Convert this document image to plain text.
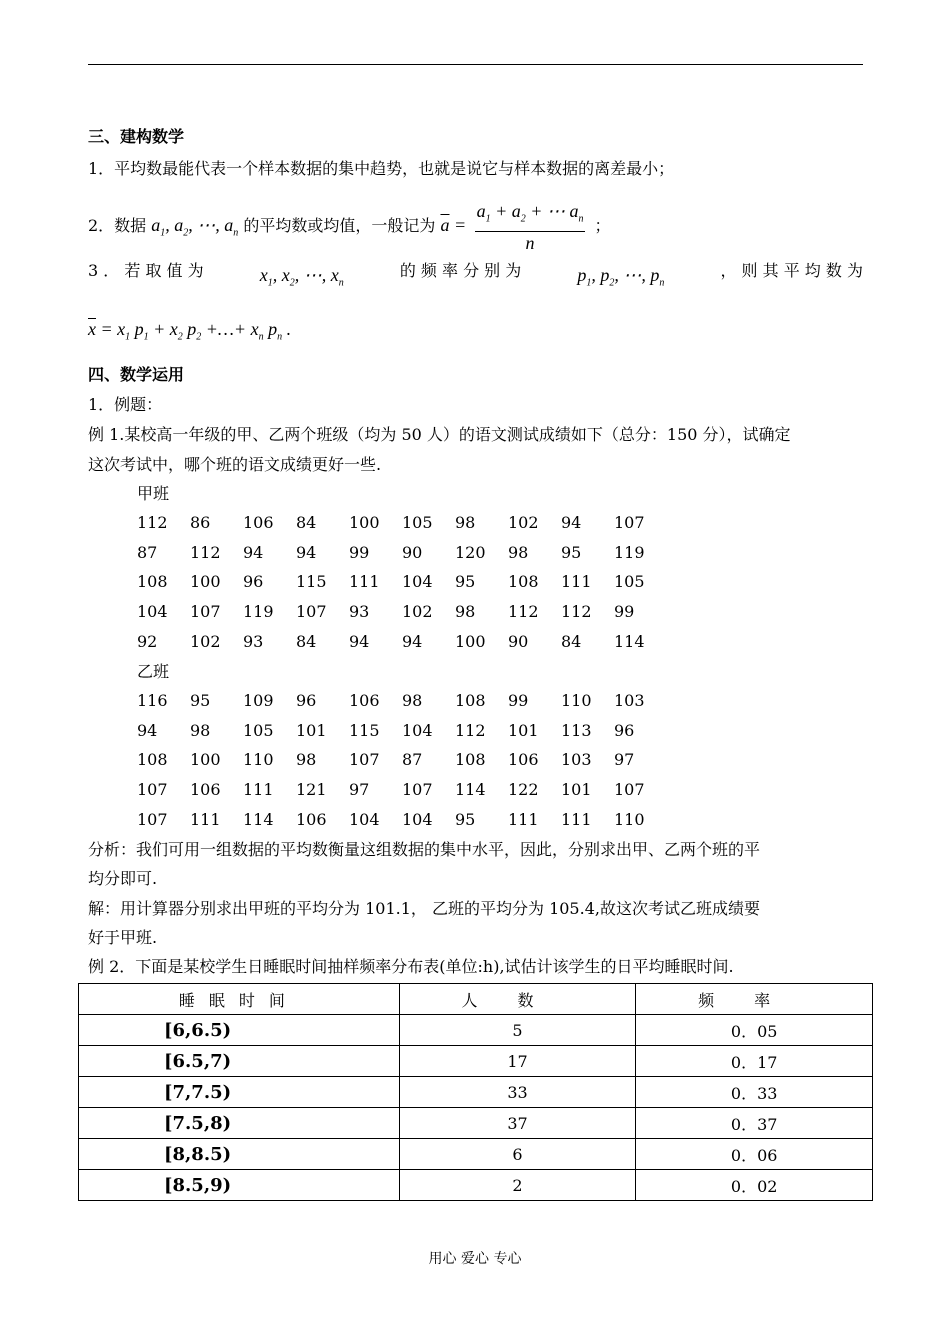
三、建构数学
1．平均数最能代表一个样本数据的集中趋势，也就是说它与样本数据的离差最小；
2．数据 $a_1$, $a_2$, ⋯, $a_n$ 的平均数或均值，一般记为 $\overline{a} = \frac{a_1 + a_2 + \cdots a_n}{n}$ ；
3 ． 若 取 值 为	$x_1$, $x_2$, ⋯, $x_n$
的 频 率 分 别 为	$p_1$, $p_2$, ⋯, $p_n$
， 则 其 平 均 数 为
$\overline{x} = x_1$ $p_1 + x_2$ $p_2$ +…+ $x_n$ $p_n$ .
四、数学运用
1．例题：
例 1.某校高一年级的甲、乙两个班级（均为 50 人）的语文测试成绩如下（总分：150 分），试确定
这次考试中，哪个班的语文成绩更好一些.
甲班
112	86	106	84	100	105	98	102	94	107
87	112	94	94	99	90	120	98	95	119
108	100	96	115	111	104	95	108	111	105
104	107	119	107	93	102	98	112	112	99
92	102	93	84	94	94	100	90	84	114
乙班
116	95	109	96	106	98	108	99	110	103
94	98	105	101	115	104	112	101	113	96
108	100	110	98	107	87	108	106	103	97
107	106	111	121	97	107	114	122	101	107
107	111	114	106	104	104	95	111	111	110
分析：我们可用一组数据的平均数衡量这组数据的集中水平，因此，分别求出甲、乙两个班的平
均分即可.
解：用计算器分别求出甲班的平均分为 101.1， 乙班的平均分为 105.4,故这次考试乙班成绩要
好于甲班.
例 2．下面是某校学生日睡眠时间抽样频率分布表(单位:h),试估计该学生的日平均睡眠时间.
睡眠时间	人数	频率
[6,6.5)	5	0．05
[6.5,7)	17	0．17
[7,7.5)	33	0．33
[7.5,8)	37	0．37
[8,8.5)	6	0．06
[8.5,9)	2	0．02
用心 爱心 专心
